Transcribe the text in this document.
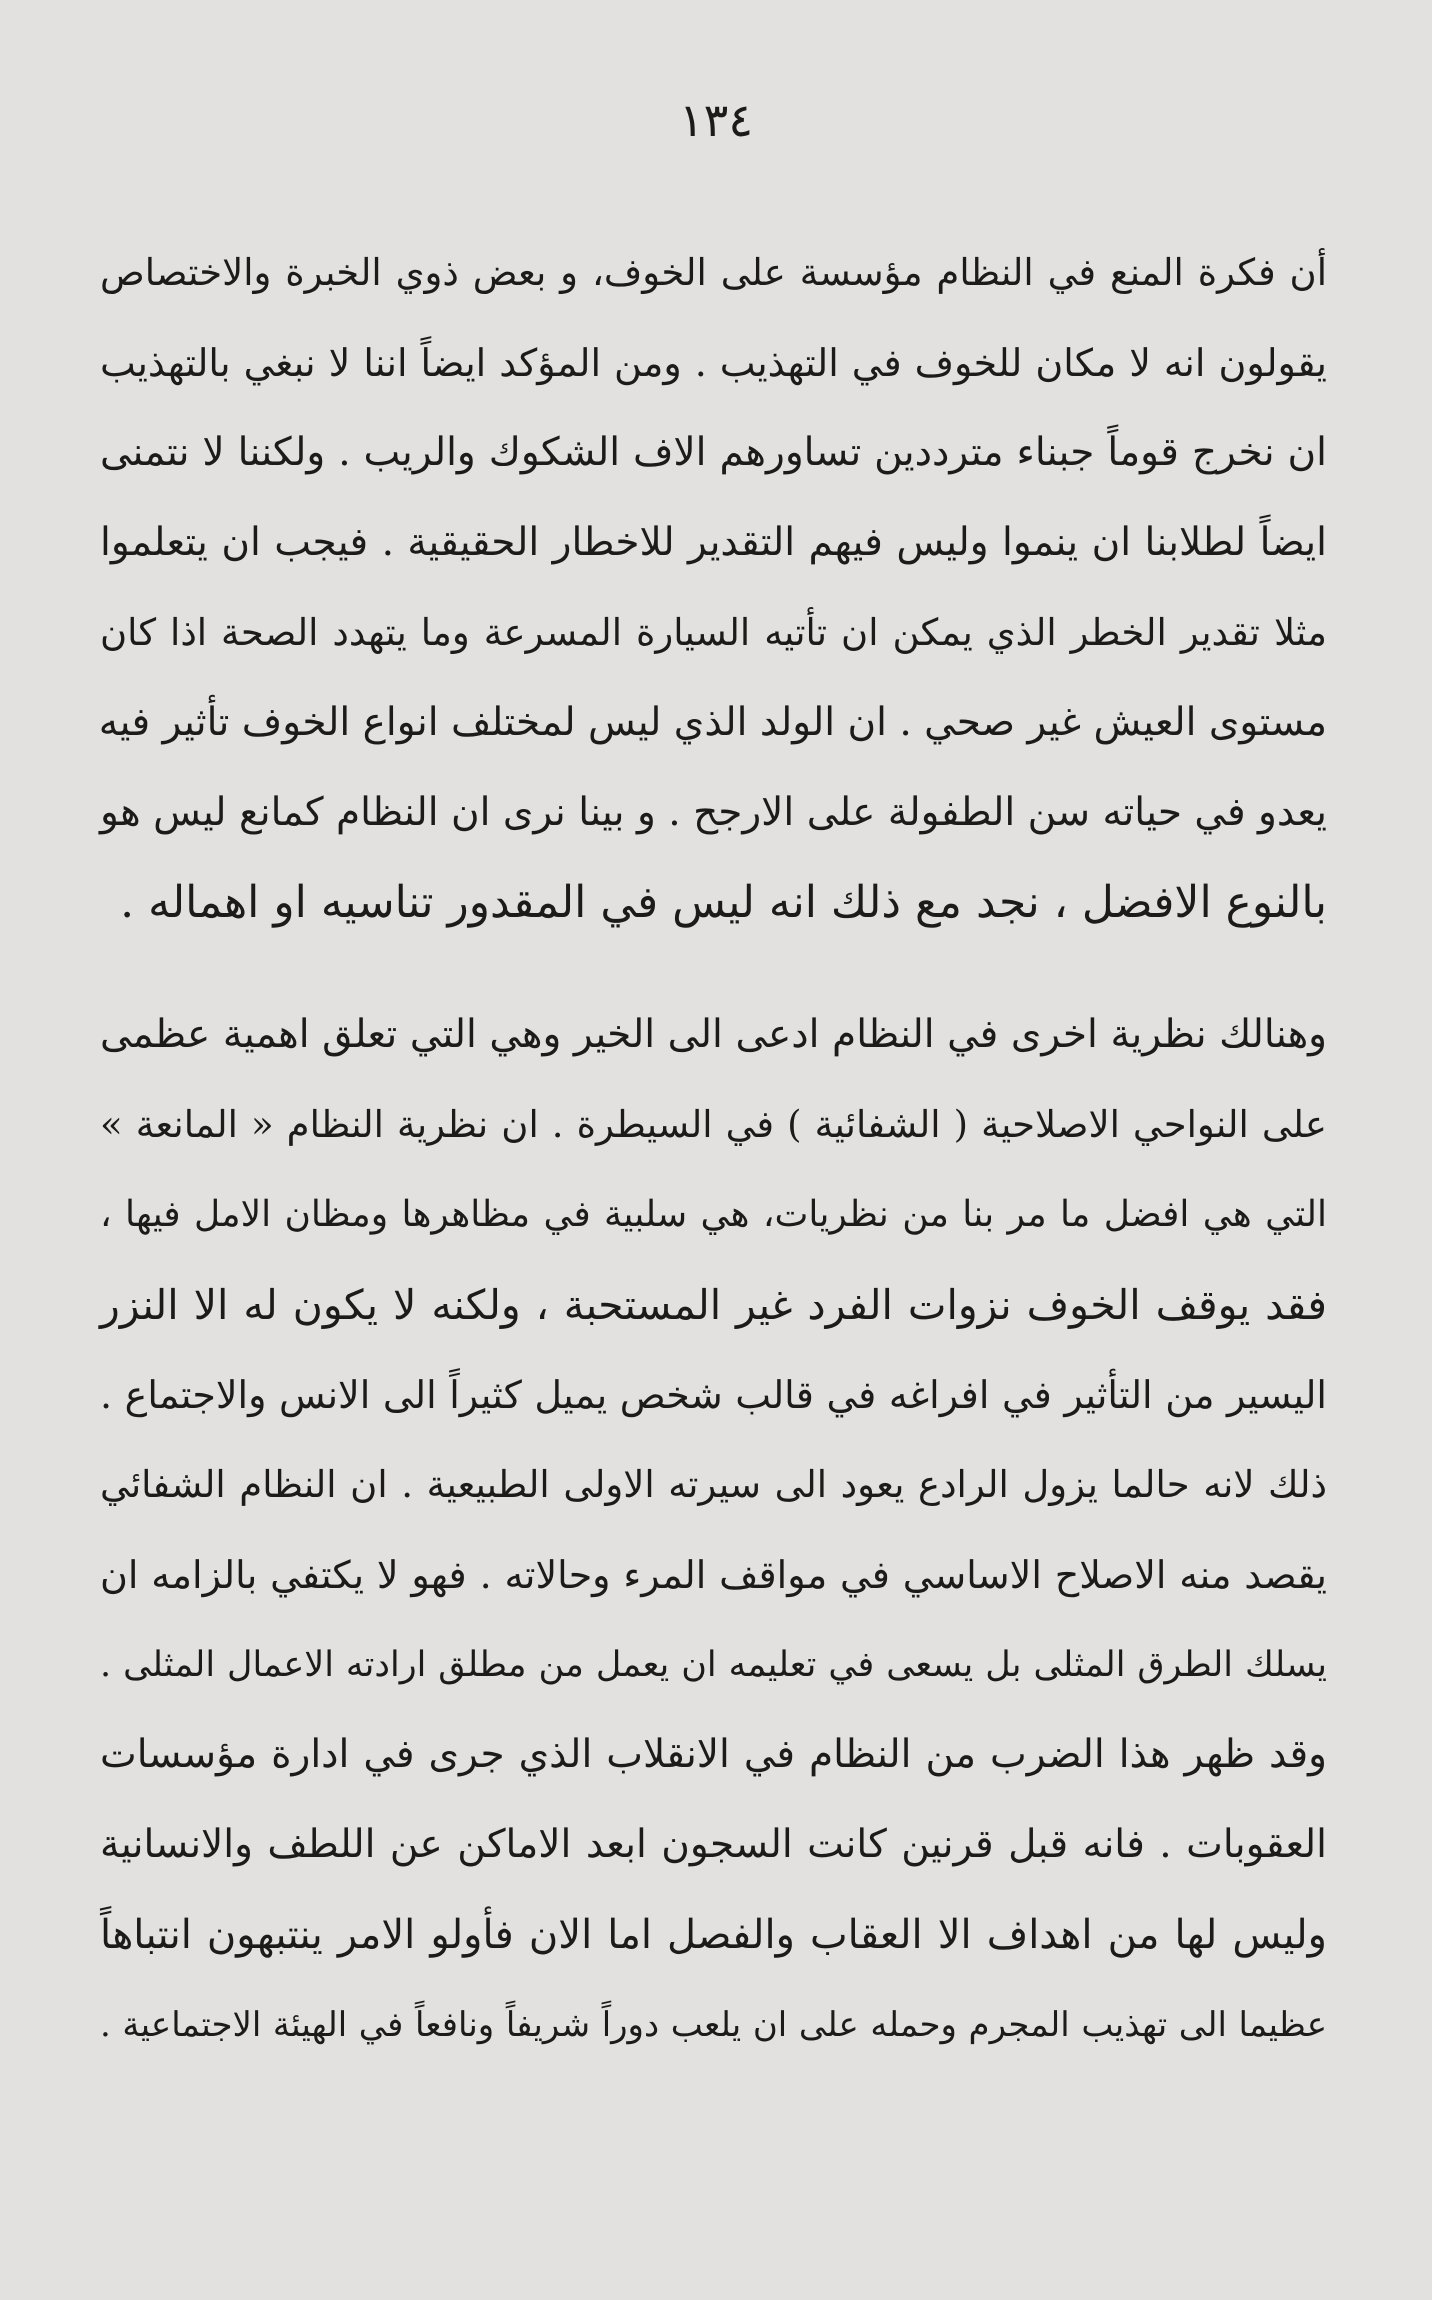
١٣٤
أن فكرة المنع في النظام مؤسسة على الخوف، و بعض ذوي الخبرة والاختصاص
يقولون انه لا مكان للخوف في التهذيب . ومن المؤكد ايضاً اننا لا نبغي بالتهذيب
ان نخرج قوماً جبناء مترددين تساورهم الاف الشكوك والريب . ولكننا لا نتمنى
ايضاً لطلابنا ان ينموا وليس فيهم التقدير للاخطار الحقيقية . فيجب ان يتعلموا
مثلا تقدير الخطر الذي يمكن ان تأتيه السيارة المسرعة وما يتهدد الصحة اذا كان
مستوى العيش غير صحي . ان الولد الذي ليس لمختلف انواع الخوف تأثير فيه
يعدو في حياته سن الطفولة على الارجح . و بينا نرى ان النظام كمانع ليس هو
بالنوع الافضل ، نجد مع ذلك انه ليس في المقدور تناسيه او اهماله .
وهنالك نظرية اخرى في النظام ادعى الى الخير وهي التي تعلق اهمية عظمى
على النواحي الاصلاحية ( الشفائية ) في السيطرة . ان نظرية النظام « المانعة »
التي هي افضل ما مر بنا من نظريات، هي سلبية في مظاهرها ومظان الامل فيها ،
فقد يوقف الخوف نزوات الفرد غير المستحبة ، ولكنه لا يكون له الا النزر
اليسير من التأثير في افراغه في قالب شخص يميل كثيراً الى الانس والاجتماع .
ذلك لانه حالما يزول الرادع يعود الى سيرته الاولى الطبيعية . ان النظام الشفائي
يقصد منه الاصلاح الاساسي في مواقف المرء وحالاته . فهو لا يكتفي بالزامه ان
يسلك الطرق المثلى بل يسعى في تعليمه ان يعمل من مطلق ارادته الاعمال المثلى .
وقد ظهر هذا الضرب من النظام في الانقلاب الذي جرى في ادارة مؤسسات
العقوبات . فانه قبل قرنين كانت السجون ابعد الاماكن عن اللطف والانسانية
وليس لها من اهداف الا العقاب والفصل اما الان فأولو الامر ينتبهون انتباهاً
عظيما الى تهذيب المجرم وحمله على ان يلعب دوراً شريفاً ونافعاً في الهيئة الاجتماعية .
